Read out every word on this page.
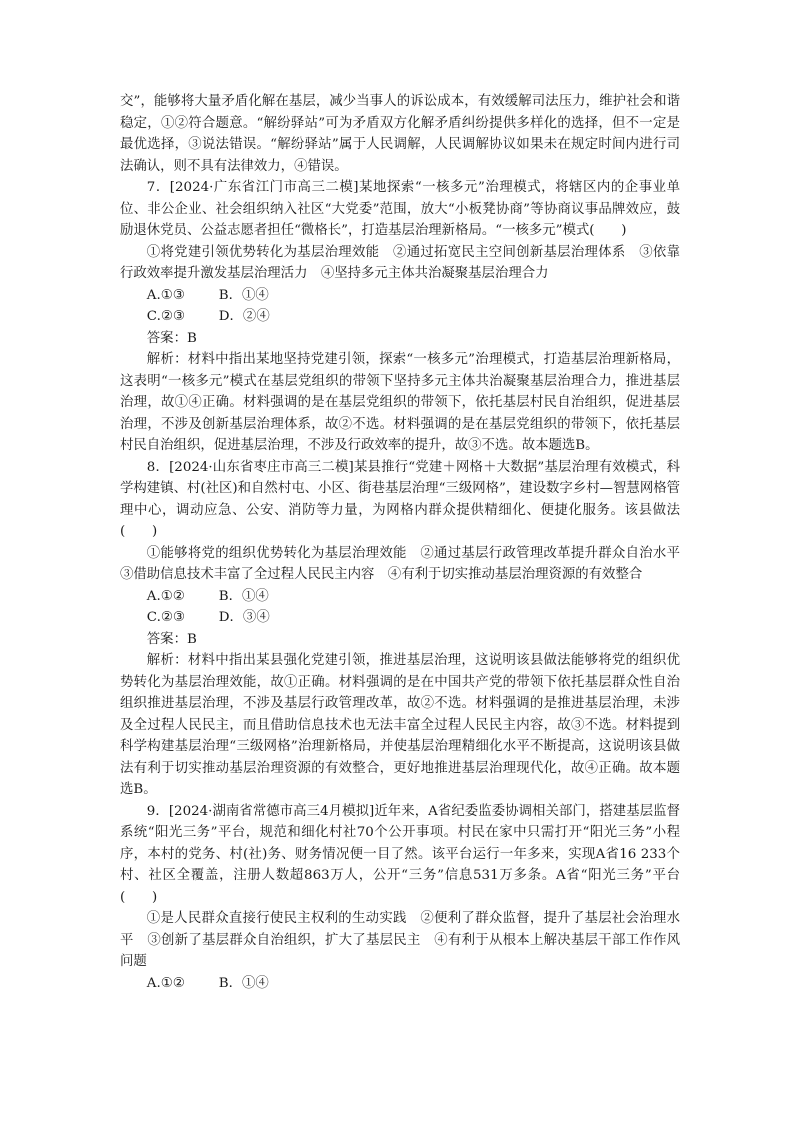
交”，能够将大量矛盾化解在基层，减少当事人的诉讼成本，有效缓解司法压力，维护社会和谐稳定，①②符合题意。“解纷驿站”可为矛盾双方化解矛盾纠纷提供多样化的选择，但不一定是最优选择，③说法错误。“解纷驿站”属于人民调解，人民调解协议如果未在规定时间内进行司法确认，则不具有法律效力，④错误。

7．[2024·广东省江门市高三二模]某地探索“一核多元”治理模式，将辖区内的企事业单位、非公企业、社会组织纳入社区“大党委”范围，放大“小板凳协商”等协商议事品牌效应，鼓励退休党员、公益志愿者担任“微格长”，打造基层治理新格局。“一核多元”模式(　　)

①将党建引领优势转化为基层治理效能　②通过拓宽民主空间创新基层治理体系　③依靠行政效率提升激发基层治理活力　④坚持多元主体共治凝聚基层治理合力

A.①③	B．①④
C.②③	D．②④

答案：B

解析：材料中指出某地坚持党建引领，探索“一核多元”治理模式，打造基层治理新格局，这表明“一核多元”模式在基层党组织的带领下坚持多元主体共治凝聚基层治理合力，推进基层治理，故①④正确。材料强调的是在基层党组织的带领下，依托基层村民自治组织，促进基层治理，不涉及创新基层治理体系，故②不选。材料强调的是在基层党组织的带领下，依托基层村民自治组织，促进基层治理，不涉及行政效率的提升，故③不选。故本题选B。

8．[2024·山东省枣庄市高三二模]某县推行“党建＋网格＋大数据”基层治理有效模式，科学构建镇、村(社区)和自然村屯、小区、街巷基层治理“三级网格”，建设数字乡村—智慧网格管理中心，调动应急、公安、消防等力量，为网格内群众提供精细化、便捷化服务。该县做法(　　)

①能够将党的组织优势转化为基层治理效能　②通过基层行政管理改革提升群众自治水平　③借助信息技术丰富了全过程人民民主内容　④有利于切实推动基层治理资源的有效整合

A.①②	B．①④
C.②③	D．③④

答案：B

解析：材料中指出某县强化党建引领，推进基层治理，这说明该县做法能够将党的组织优势转化为基层治理效能，故①正确。材料强调的是在中国共产党的带领下依托基层群众性自治组织推进基层治理，不涉及基层行政管理改革，故②不选。材料强调的是推进基层治理，未涉及全过程人民民主，而且借助信息技术也无法丰富全过程人民民主内容，故③不选。材料提到科学构建基层治理“三级网格”治理新格局，并使基层治理精细化水平不断提高，这说明该县做法有利于切实推动基层治理资源的有效整合，更好地推进基层治理现代化，故④正确。故本题选B。

9．[2024·湖南省常德市高三4月模拟]近年来，A省纪委监委协调相关部门，搭建基层监督系统“阳光三务”平台，规范和细化村社70个公开事项。村民在家中只需打开“阳光三务”小程序，本村的党务、村(社)务、财务情况便一目了然。该平台运行一年多来，实现A省16 233个村、社区全覆盖，注册人数超863万人，公开“三务”信息531万多条。A省“阳光三务”平台(　　)

①是人民群众直接行使民主权利的生动实践　②便利了群众监督，提升了基层社会治理水平　③创新了基层群众自治组织，扩大了基层民主　④有利于从根本上解决基层干部工作作风问题

A.①②	B．①④
